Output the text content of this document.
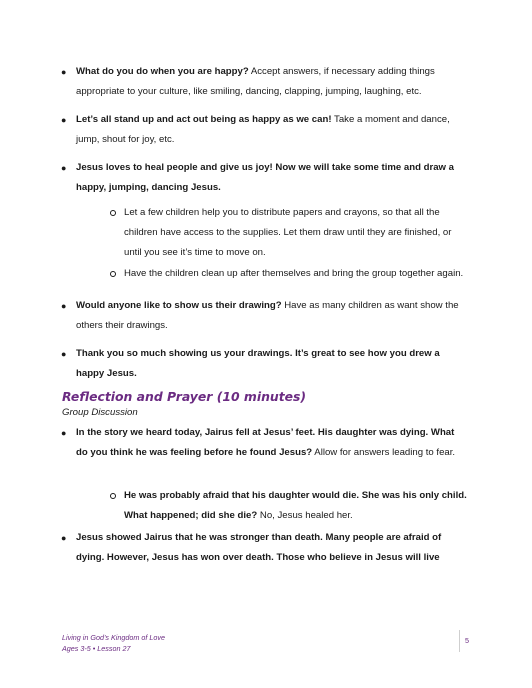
● What do you do when you are happy? Accept answers, if necessary adding things appropriate to your culture, like smiling, dancing, clapping, jumping, laughing, etc.
● Let’s all stand up and act out being as happy as we can! Take a moment and dance, jump, shout for joy, etc.
● Jesus loves to heal people and give us joy! Now we will take some time and draw a happy, jumping, dancing Jesus.
Let a few children help you to distribute papers and crayons, so that all the children have access to the supplies. Let them draw until they are finished, or until you see it’s time to move on.
Have the children clean up after themselves and bring the group together again.
● Would anyone like to show us their drawing? Have as many children as want show the others their drawings.
● Thank you so much showing us your drawings. It’s great to see how you drew a happy Jesus.
Reflection and Prayer (10 minutes)
Group Discussion
● In the story we heard today, Jairus fell at Jesus’ feet. His daughter was dying. What do you think he was feeling before he found Jesus? Allow for answers leading to fear.
He was probably afraid that his daughter would die. She was his only child. What happened; did she die? No, Jesus healed her.
● Jesus showed Jairus that he was stronger than death. Many people are afraid of dying. However, Jesus has won over death. Those who believe in Jesus will live
Living in God’s Kingdom of Love
Ages 3-5 • Lesson 27
5
